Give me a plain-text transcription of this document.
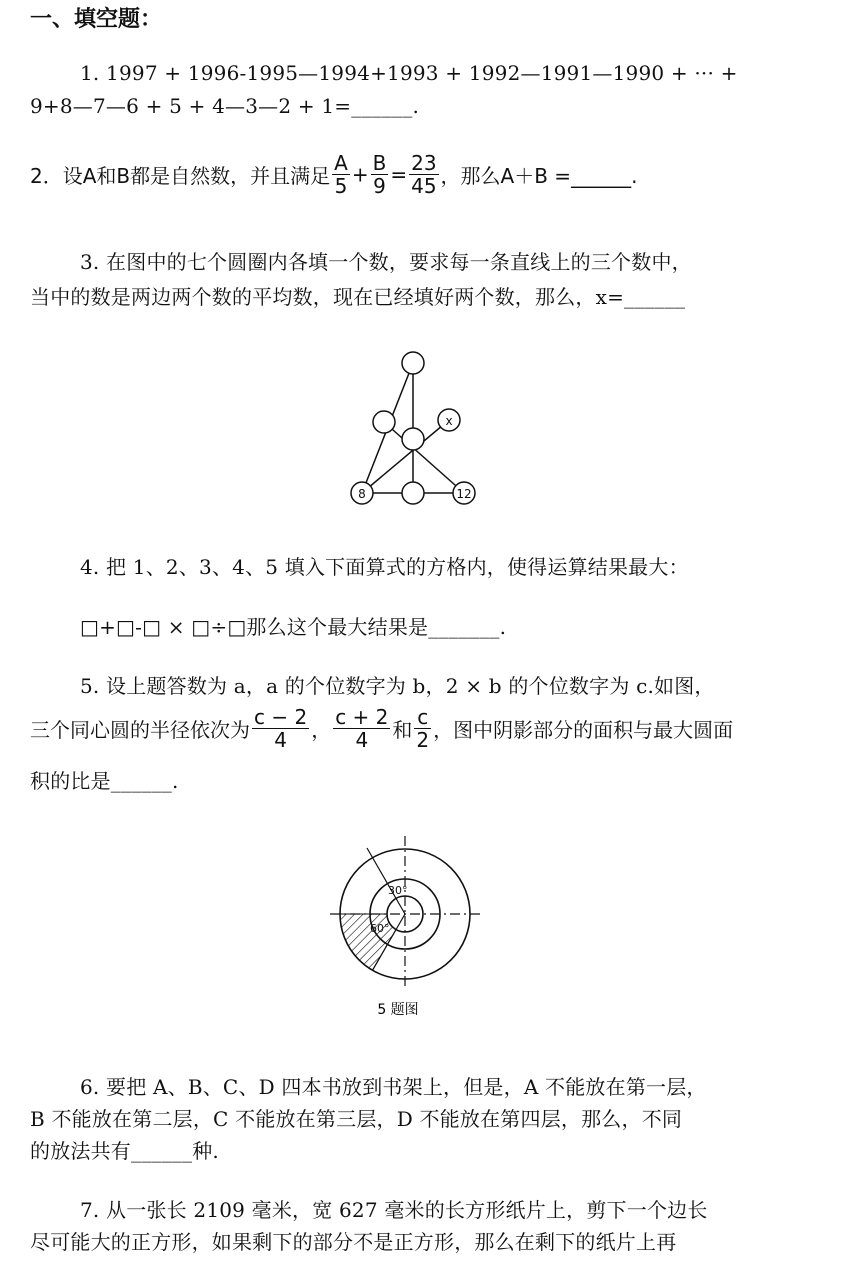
一、填空题：
1. 1997 + 1996-1995—1994+1993 + 1992—1991—1990 + ··· +
9+8—7—6 + 5 + 4—3—2 + 1=______.
2．设A和B都是自然数，并且满足 $\frac{A}{5} + \frac{B}{9} = \frac{23}{45}$ ，那么A＋B =______.
3. 在图中的七个圆圈内各填一个数，要求每一条直线上的三个数中，
当中的数是两边两个数的平均数，现在已经填好两个数，那么，x=______
x
8	12
4. 把 1、2、3、4、5 填入下面算式的方格内，使得运算结果最大：
□+□-□ × □÷□那么这个最大结果是_______.
5. 设上题答数为 a，a 的个位数字为 b，2 × b 的个位数字为 c.如图，
三个同心圆的半径依次为 $\frac{c - 2}{4}$ ， $\frac{c + 2}{4}$ 和 $\frac{c}{2}$ ，图中阴影部分的面积与最大圆面
积的比是______.
30°
60°
5 题图
6. 要把 A、B、C、D 四本书放到书架上，但是，A 不能放在第一层，
B 不能放在第二层，C 不能放在第三层，D 不能放在第四层，那么，不同
的放法共有______种.
7. 从一张长 2109 毫米，宽 627 毫米的长方形纸片上，剪下一个边长
尽可能大的正方形，如果剩下的部分不是正方形，那么在剩下的纸片上再
